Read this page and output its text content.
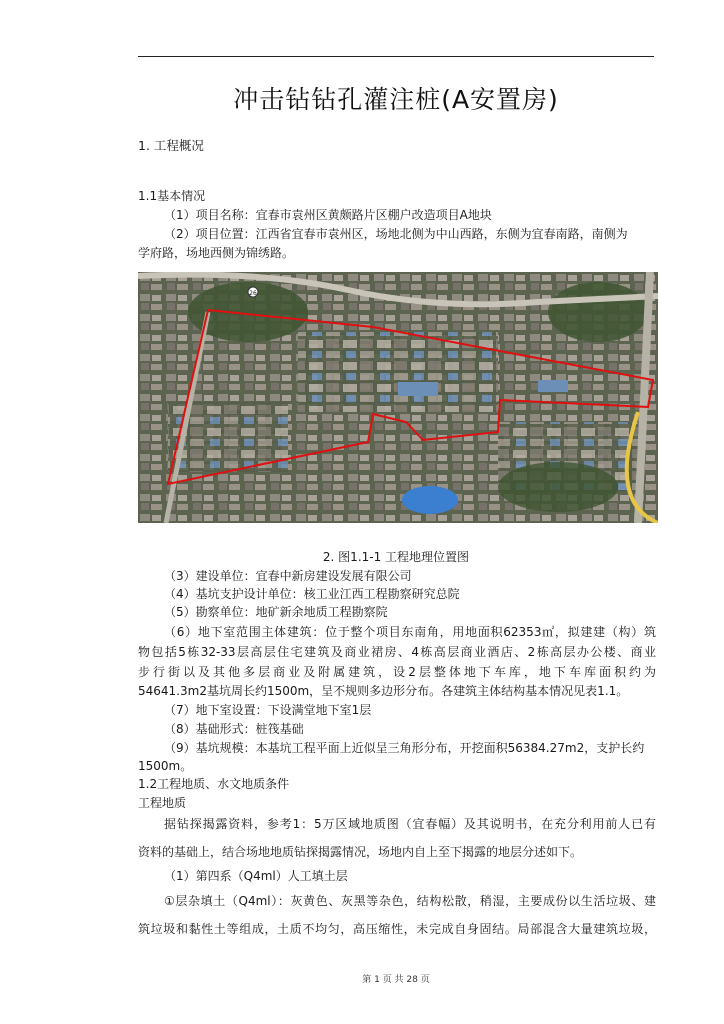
冲击钻钻孔灌注桩(A安置房)
1. 工程概况
1.1基本情况
（1）项目名称：宜春市袁州区黄颇路片区棚户改造项目A地块
（2）项目位置：江西省宜春市袁州区，场地北侧为中山西路，东侧为宜春南路，南侧为
学府路，场地西侧为锦绣路。
26
2. 图1.1-1 工程地理位置图
（3）建设单位：宜春中新房建设发展有限公司
（4）基坑支护设计单位：核工业江西工程勘察研究总院
（5）勘察单位：地矿新余地质工程勘察院
（6）地下室范围主体建筑：位于整个项目东南角，用地面积62353㎡，拟建建（构）筑
物包括5栋32-33层高层住宅建筑及商业裙房、4栋高层商业酒店、2栋高层办公楼、商业
步行街以及其他多层商业及附属建筑，设2层整体地下车库，地下车库面积约为
54641.3m2基坑周长约1500m，呈不规则多边形分布。各建筑主体结构基本情况见表1.1。
（7）地下室设置：下设满堂地下室1层
（8）基础形式：桩筏基础
（9）基坑规模：本基坑工程平面上近似呈三角形分布，开挖面积56384.27m2，支护长约
1500m。
1.2工程地质、水文地质条件
工程地质
据钻探揭露资料，参考1：5万区域地质图（宜春幅）及其说明书，在充分利用前人已有
资料的基础上，结合场地地质钻探揭露情况，场地内自上至下揭露的地层分述如下。
（1）第四系（Q4ml）人工填土层
①层杂填土（Q4ml）：灰黄色、灰黑等杂色，结构松散，稍湿，主要成份以生活垃圾、建
筑垃圾和黏性土等组成，土质不均匀，高压缩性，未完成自身固结。局部混含大量建筑垃圾，
第 1 页 共 28 页
